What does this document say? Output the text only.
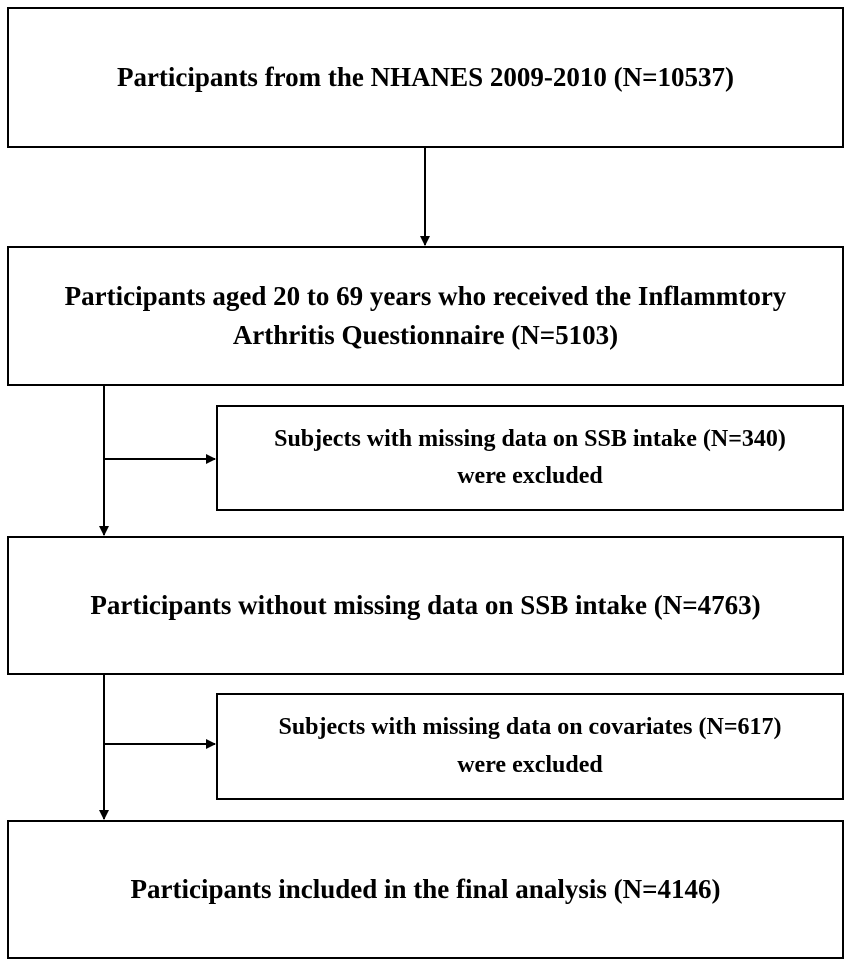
Participants from the NHANES 2009-2010 (N=10537)
Participants aged 20 to 69 years who received the Inflammtory
Arthritis Questionnaire (N=5103)
Subjects with missing data on SSB intake (N=340)
were excluded
Participants without missing data on SSB intake (N=4763)
Subjects with missing data on covariates (N=617)
were excluded
Participants included in the final analysis (N=4146)
